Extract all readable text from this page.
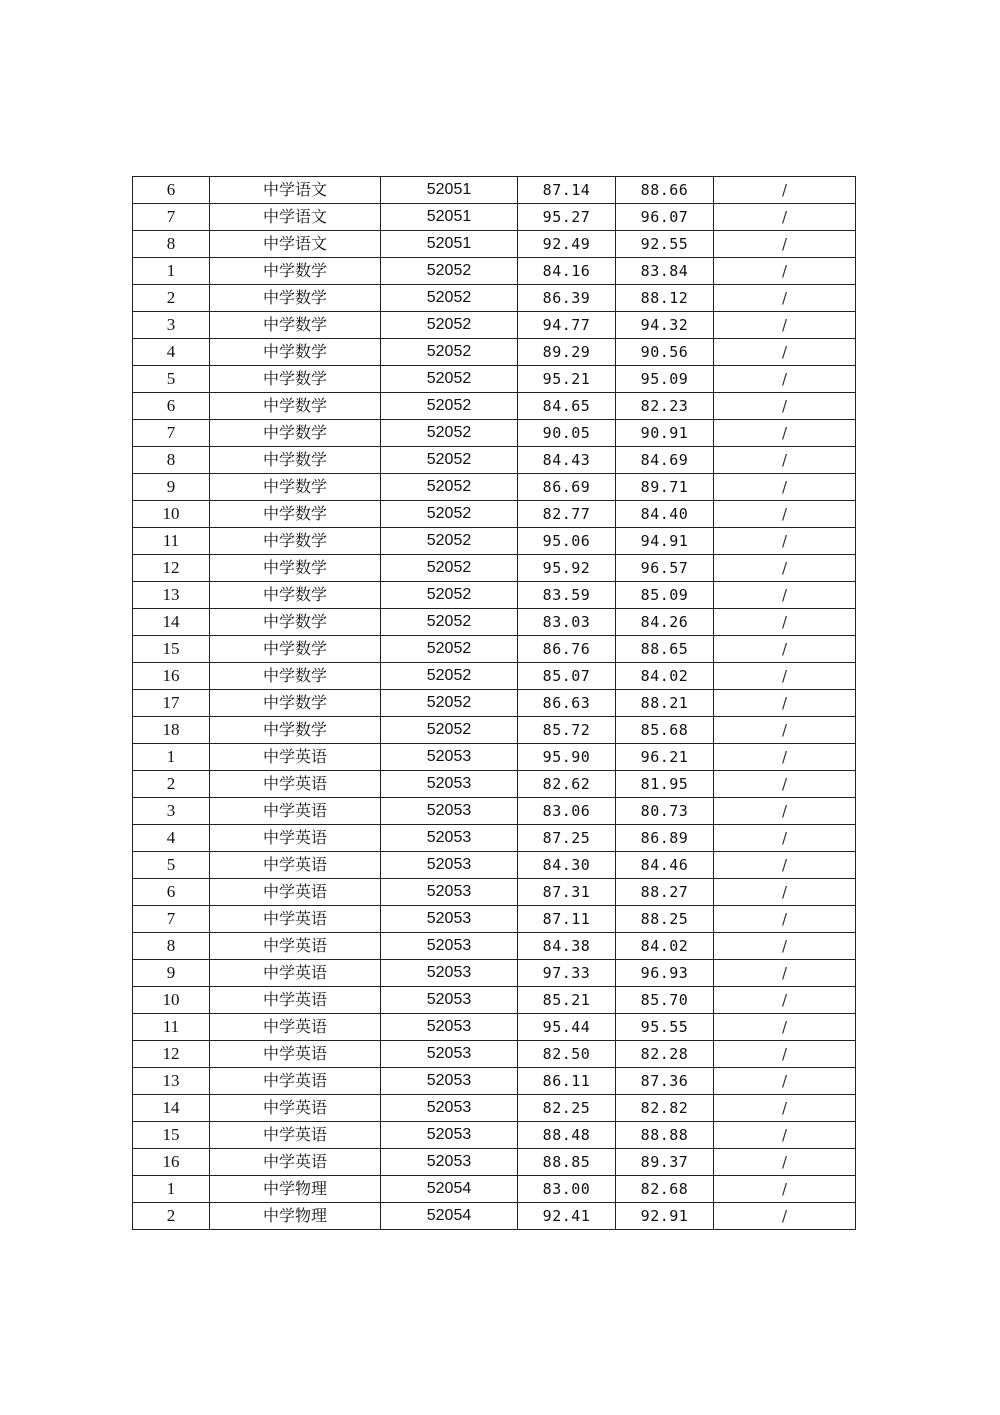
6	中学语文	52051	87.14	88.66	/
7	中学语文	52051	95.27	96.07	/
8	中学语文	52051	92.49	92.55	/
1	中学数学	52052	84.16	83.84	/
2	中学数学	52052	86.39	88.12	/
3	中学数学	52052	94.77	94.32	/
4	中学数学	52052	89.29	90.56	/
5	中学数学	52052	95.21	95.09	/
6	中学数学	52052	84.65	82.23	/
7	中学数学	52052	90.05	90.91	/
8	中学数学	52052	84.43	84.69	/
9	中学数学	52052	86.69	89.71	/
10	中学数学	52052	82.77	84.40	/
11	中学数学	52052	95.06	94.91	/
12	中学数学	52052	95.92	96.57	/
13	中学数学	52052	83.59	85.09	/
14	中学数学	52052	83.03	84.26	/
15	中学数学	52052	86.76	88.65	/
16	中学数学	52052	85.07	84.02	/
17	中学数学	52052	86.63	88.21	/
18	中学数学	52052	85.72	85.68	/
1	中学英语	52053	95.90	96.21	/
2	中学英语	52053	82.62	81.95	/
3	中学英语	52053	83.06	80.73	/
4	中学英语	52053	87.25	86.89	/
5	中学英语	52053	84.30	84.46	/
6	中学英语	52053	87.31	88.27	/
7	中学英语	52053	87.11	88.25	/
8	中学英语	52053	84.38	84.02	/
9	中学英语	52053	97.33	96.93	/
10	中学英语	52053	85.21	85.70	/
11	中学英语	52053	95.44	95.55	/
12	中学英语	52053	82.50	82.28	/
13	中学英语	52053	86.11	87.36	/
14	中学英语	52053	82.25	82.82	/
15	中学英语	52053	88.48	88.88	/
16	中学英语	52053	88.85	89.37	/
1	中学物理	52054	83.00	82.68	/
2	中学物理	52054	92.41	92.91	/
